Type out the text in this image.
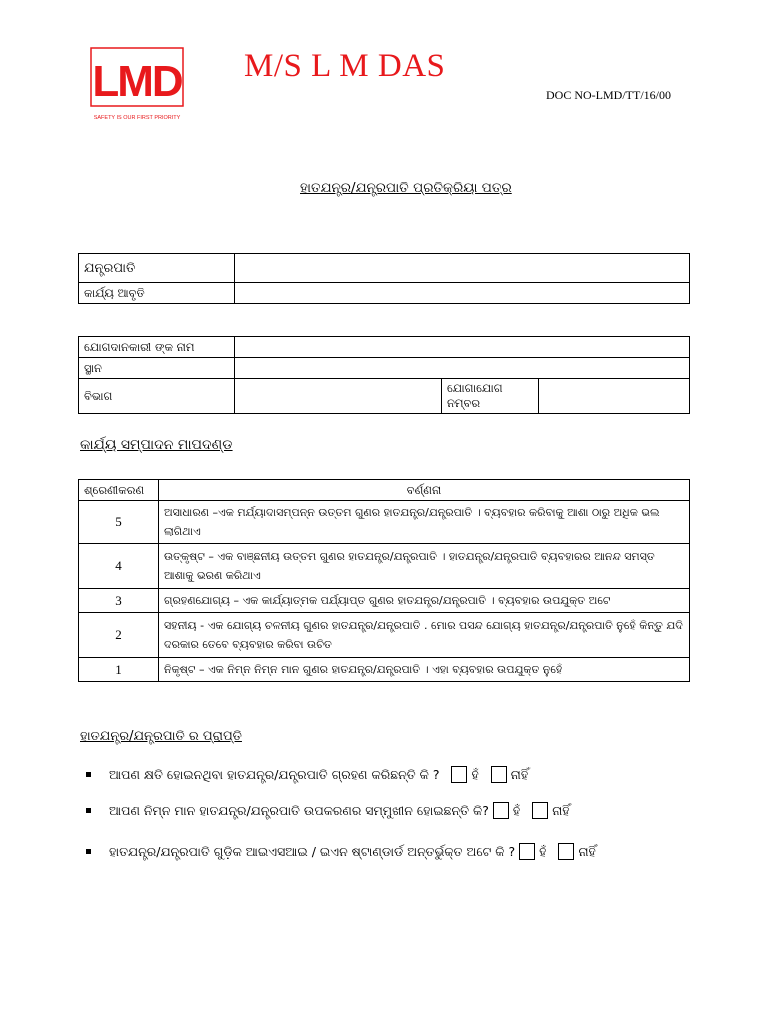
LMD
SAFETY IS OUR FIRST PRIORITY
M/S L M DAS
DOC NO-LMD/TT/16/00
ହାତଯନ୍ତ୍ର/ଯନ୍ତ୍ରପାତି ପ୍ରତିକ୍ରିୟା ପତ୍ର
ଯନ୍ତ୍ରପାତି	
କାର୍ଯ୍ୟ ଆବୃତି	
ଯୋଗଦାନକାରୀ ଙ୍କ ନାମ			
ସ୍ଥାନ			
ବିଭାଗ		ଯୋଗାଯୋଗ ନମ୍ବର	
କାର୍ଯ୍ୟ ସମ୍ପାଦନ ମାପଦଣ୍ଡ
ଶ୍ରେଣୀକରଣ	ବର୍ଣ୍ଣନା
5	ଅସାଧାରଣ –ଏକ ମର୍ଯ୍ୟାଦାସମ୍ପନ୍ନ ଉତ୍ତମ ଗୁଣର ହାତଯନ୍ତ୍ର/ଯନ୍ତ୍ରପାତି । ବ୍ୟବହାର କରିବାକୁ ଆଶା ଠାରୁ ଅଧିକ ଭଲ ଲାଗିଥାଏ
4	ଉତ୍କୃଷ୍ଟ – ଏକ ବାଞ୍ଛନୀୟ ଉତ୍ତମ ଗୁଣର ହାତଯନ୍ତ୍ର/ଯନ୍ତ୍ରପାତି । ହାତଯନ୍ତ୍ର/ଯନ୍ତ୍ରପାତି ବ୍ୟବହାରର ଆନନ୍ଦ ସମସ୍ତ ଆଶାକୁ ଭରଣ କରିଥାଏ
3	ଗ୍ରହଣଯୋଗ୍ୟ – ଏକ କାର୍ଯ୍ୟାତ୍ମକ ପର୍ଯ୍ୟାପ୍ତ ଗୁଣର ହାତଯନ୍ତ୍ର/ଯନ୍ତ୍ରପାତି । ବ୍ୟବହାର ଉପଯୁକ୍ତ ଅଟେ
2	ସହନୀୟ - ଏକ ଯୋଗ୍ୟ ଚଳନୀୟ ଗୁଣର ହାତଯନ୍ତ୍ର/ଯନ୍ତ୍ରପାତି . ମୋର ପସନ୍ଦ ଯୋଗ୍ୟ ହାତଯନ୍ତ୍ର/ଯନ୍ତ୍ରପାତି ନୁହେଁ କିନ୍ତୁ ଯଦି ଦରକାର ତେବେ ବ୍ୟବହାର କରିବା ଉଚିତ
1	ନିକୃଷ୍ଟ – ଏକ ନିମ୍ନ ନିମ୍ନ ମାନ ଗୁଣର ହାତଯନ୍ତ୍ର/ଯନ୍ତ୍ରପାତି । ଏହା ବ୍ୟବହାର ଉପଯୁକ୍ତ ନୁହେଁ
ହାତଯନ୍ତ୍ର/ଯନ୍ତ୍ରପାତି ର ପ୍ରାପ୍ତି
ଆପଣ କ୍ଷତି ହୋଇନଥିବା ହାତଯନ୍ତ୍ର/ଯନ୍ତ୍ରପାତି ଗ୍ରହଣ କରିଛନ୍ତି କି ?	ହଁ	ନାହିଁ
ଆପଣ ନିମ୍ନ ମାନ ହାତଯନ୍ତ୍ର/ଯନ୍ତ୍ରପାତି ଉପକରଣର ସମ୍ମୁଖୀନ ହୋଇଛନ୍ତି କି? ହଁ	ନାହିଁ
ହାତଯନ୍ତ୍ର/ଯନ୍ତ୍ରପାତି ଗୁଡ଼ିକ ଆଇଏସଆଇ / ଇଏନ ଷ୍ଟାଣ୍ଡାର୍ଡ ଅନ୍ତର୍ଭୁକ୍ତ ଅଟେ କି ? ହଁ	ନାହିଁ
